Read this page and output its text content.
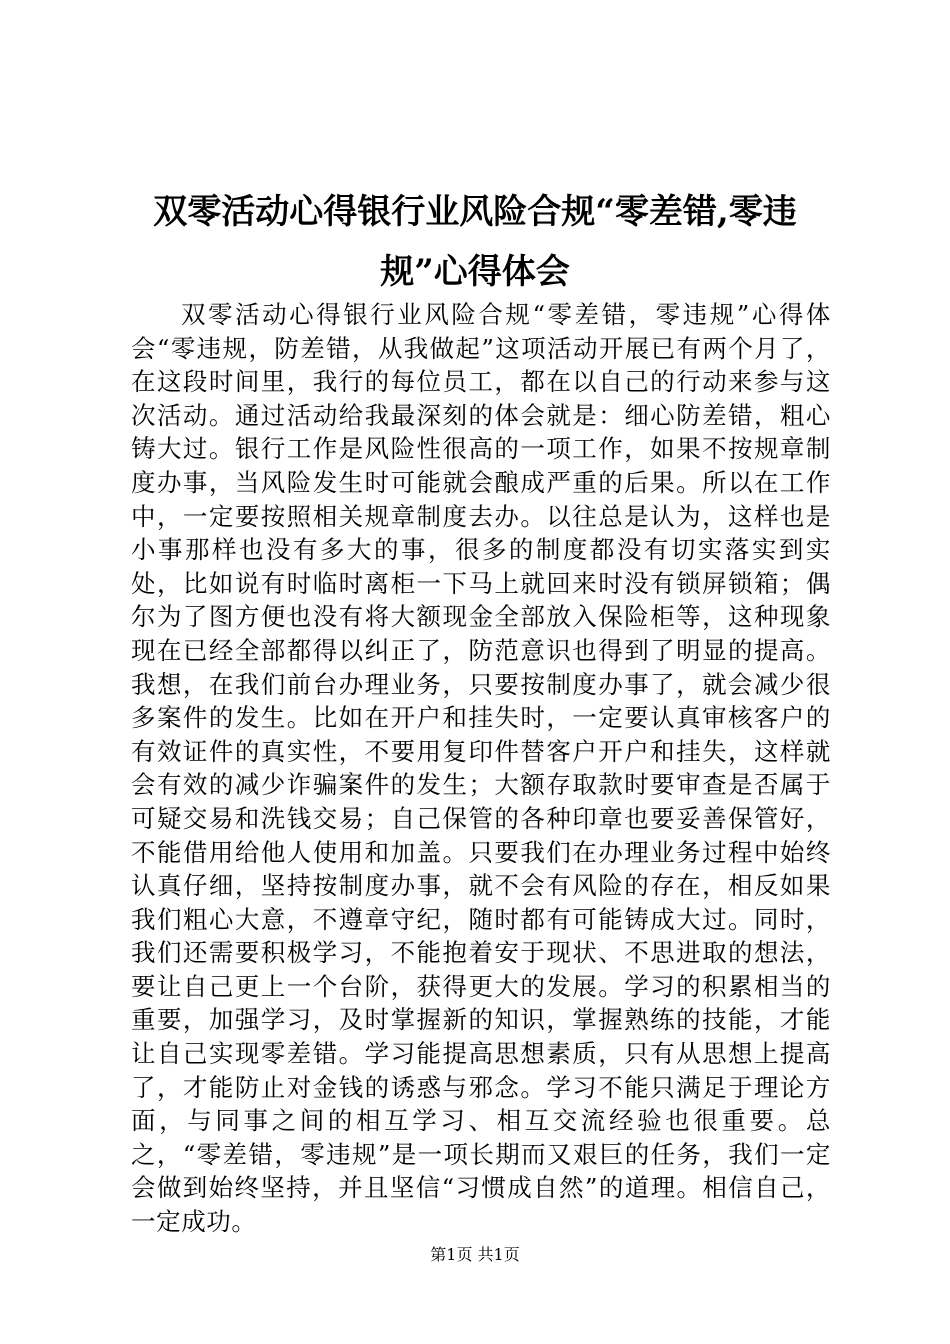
双零活动心得银行业风险合规“零差错,零违规”心得体会

双零活动心得银行业风险合规“零差错，零违规”心得体会“零违规，防差错，从我做起”这项活动开展已有两个月了，在这段时间里，我行的每位员工，都在以自己的行动来参与这次活动。通过活动给我最深刻的体会就是：细心防差错，粗心铸大过。银行工作是风险性很高的一项工作，如果不按规章制度办事，当风险发生时可能就会酿成严重的后果。所以在工作中，一定要按照相关规章制度去办。以往总是认为，这样也是小事那样也没有多大的事，很多的制度都没有切实落实到实处，比如说有时临时离柜一下马上就回来时没有锁屏锁箱；偶尔为了图方便也没有将大额现金全部放入保险柜等，这种现象现在已经全部都得以纠正了，防范意识也得到了明显的提高。我想，在我们前台办理业务，只要按制度办事了，就会减少很多案件的发生。比如在开户和挂失时，一定要认真审核客户的有效证件的真实性，不要用复印件替客户开户和挂失，这样就会有效的减少诈骗案件的发生；大额存取款时要审查是否属于可疑交易和洗钱交易；自己保管的各种印章也要妥善保管好，不能借用给他人使用和加盖。只要我们在办理业务过程中始终认真仔细，坚持按制度办事，就不会有风险的存在，相反如果我们粗心大意，不遵章守纪，随时都有可能铸成大过。同时，我们还需要积极学习，不能抱着安于现状、不思进取的想法，要让自己更上一个台阶，获得更大的发展。学习的积累相当的重要，加强学习，及时掌握新的知识，掌握熟练的技能，才能让自己实现零差错。学习能提高思想素质，只有从思想上提高了，才能防止对金钱的诱惑与邪念。学习不能只满足于理论方面，与同事之间的相互学习、相互交流经验也很重要。总之，“零差错，零违规”是一项长期而又艰巨的任务，我们一定会做到始终坚持，并且坚信“习惯成自然”的道理。相信自己，一定成功。

第1页 共1页
